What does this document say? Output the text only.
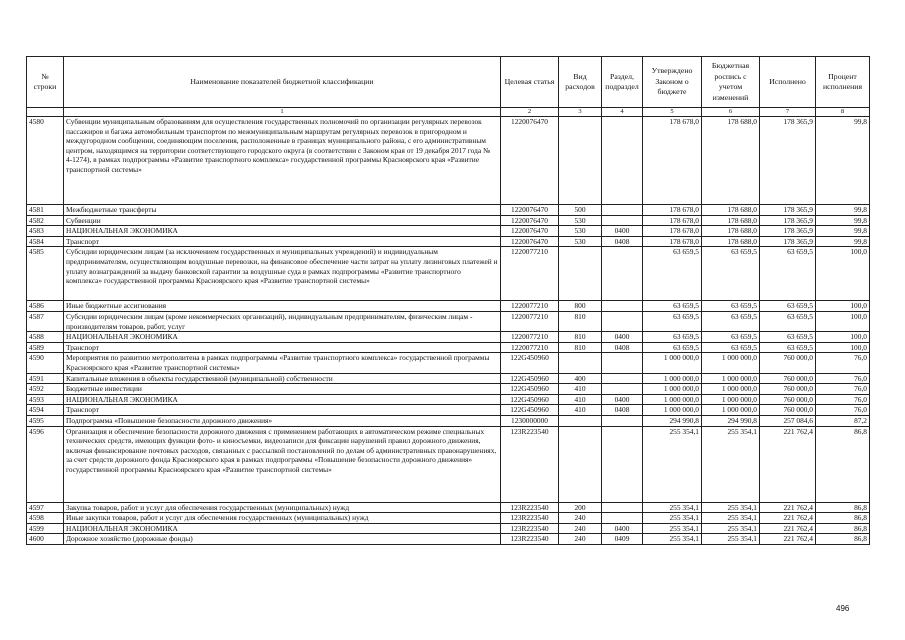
№ строки	Наименование показателей бюджетной классификации	Целевая статья	Вид расходов	Раздел, подраздел	Утверждено Законом о бюджете	Бюджетная роспись с учетом изменений	Исполнено	Процент исполнения
	1	2	3	4	5	6	7	8
4580	Субвенции муниципальным образованиям для осуществления государственных полномочий по организации регулярных перевозок пассажиров и багажа автомобильным транспортом по межмуниципальным маршрутам регулярных перевозок в пригородном и междугородном сообщении, соединяющим поселения, расположенные в границах муниципального района, с его административным центром, находящимся на территории соответствующего городского округа (в соответствии с Законом края от 19 декабря 2017 года № 4-1274), в рамках подпрограммы «Развитие транспортного комплекса» государственной программы Красноярского края «Развитие транспортной системы»	1220076470			178 678,0	178 688,0	178 365,9	99,8
4581	Межбюджетные трансферты	1220076470	500		178 678,0	178 688,0	178 365,9	99,8
4582	Субвенции	1220076470	530		178 678,0	178 688,0	178 365,9	99,8
4583	НАЦИОНАЛЬНАЯ ЭКОНОМИКА	1220076470	530	0400	178 678,0	178 688,0	178 365,9	99,8
4584	Транспорт	1220076470	530	0408	178 678,0	178 688,0	178 365,9	99,8
4585	Субсидии юридическим лицам (за исключением государственных и муниципальных учреждений) и индивидуальным предпринимателям, осуществляющим воздушные перевозки, на финансовое обеспечение части затрат на уплату лизинговых платежей и уплату вознаграждений за выдачу банковской гарантии за воздушные суда в рамках подпрограммы «Развитие транспортного комплекса» государственной программы Красноярского края «Развитие транспортной системы»	1220077210			63 659,5	63 659,5	63 659,5	100,0
4586	Иные бюджетные ассигнования	1220077210	800		63 659,5	63 659,5	63 659,5	100,0
4587	Субсидии юридическим лицам (кроме некоммерческих организаций), индивидуальным предпринимателям, физическим лицам - производителям товаров, работ, услуг	1220077210	810		63 659,5	63 659,5	63 659,5	100,0
4588	НАЦИОНАЛЬНАЯ ЭКОНОМИКА	1220077210	810	0400	63 659,5	63 659,5	63 659,5	100,0
4589	Транспорт	1220077210	810	0408	63 659,5	63 659,5	63 659,5	100,0
4590	Мероприятия по развитию метрополитена в рамках подпрограммы «Развитие транспортного комплекса» государственной программы Красноярского края «Развитие транспортной системы»	122G450960			1 000 000,0	1 000 000,0	760 000,0	76,0
4591	Капитальные вложения в объекты государственной (муниципальной) собственности	122G450960	400		1 000 000,0	1 000 000,0	760 000,0	76,0
4592	Бюджетные инвестиции	122G450960	410		1 000 000,0	1 000 000,0	760 000,0	76,0
4593	НАЦИОНАЛЬНАЯ ЭКОНОМИКА	122G450960	410	0400	1 000 000,0	1 000 000,0	760 000,0	76,0
4594	Транспорт	122G450960	410	0408	1 000 000,0	1 000 000,0	760 000,0	76,0
4595	Подпрограмма «Повышение безопасности дорожного движения»	1230000000			294 990,8	294 990,8	257 084,6	87,2
4596	Организация и обеспечение безопасности дорожного движения с применением работающих в автоматическом режиме специальных технических средств, имеющих функции фото- и киносъемки, видеозаписи для фиксации нарушений правил дорожного движения, включая финансирование почтовых расходов, связанных с рассылкой постановлений по делам об административных правонарушениях, за счет средств дорожного фонда Красноярского края в рамках подпрограммы «Повышение безопасности дорожного движения» государственной программы Красноярского края «Развитие транспортной системы»	123R223540			255 354,1	255 354,1	221 762,4	86,8
4597	Закупка товаров, работ и услуг для обеспечения государственных (муниципальных) нужд	123R223540	200		255 354,1	255 354,1	221 762,4	86,8
4598	Иные закупки товаров, работ и услуг для обеспечения государственных (муниципальных) нужд	123R223540	240		255 354,1	255 354,1	221 762,4	86,8
4599	НАЦИОНАЛЬНАЯ ЭКОНОМИКА	123R223540	240	0400	255 354,1	255 354,1	221 762,4	86,8
4600	Дорожное хозяйство (дорожные фонды)	123R223540	240	0409	255 354,1	255 354,1	221 762,4	86,8
496
